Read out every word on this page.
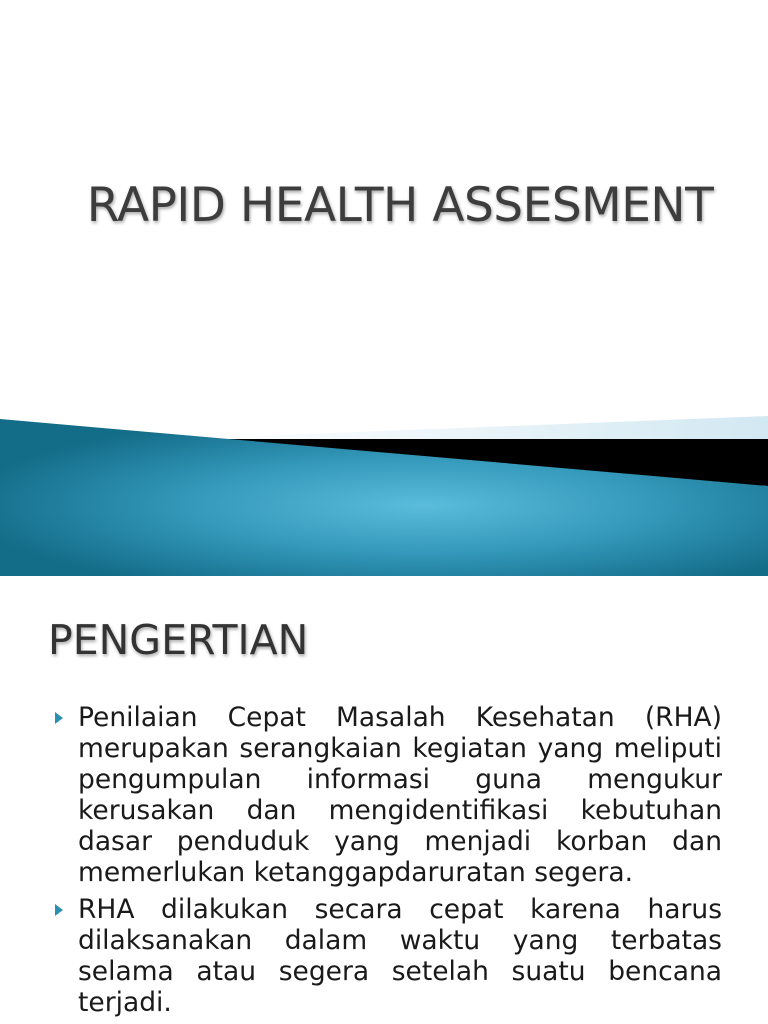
RAPID HEALTH ASSESMENT
PENGERTIAN
Penilaian Cepat Masalah Kesehatan (RHA) merupakan serangkaian kegiatan yang meliputi pengumpulan informasi guna mengukur kerusakan dan mengidentifikasi kebutuhan dasar penduduk yang menjadi korban dan memerlukan ketanggapdaruratan segera.
RHA dilakukan secara cepat karena harus dilaksanakan dalam waktu yang terbatas selama atau segera setelah suatu bencana terjadi.
